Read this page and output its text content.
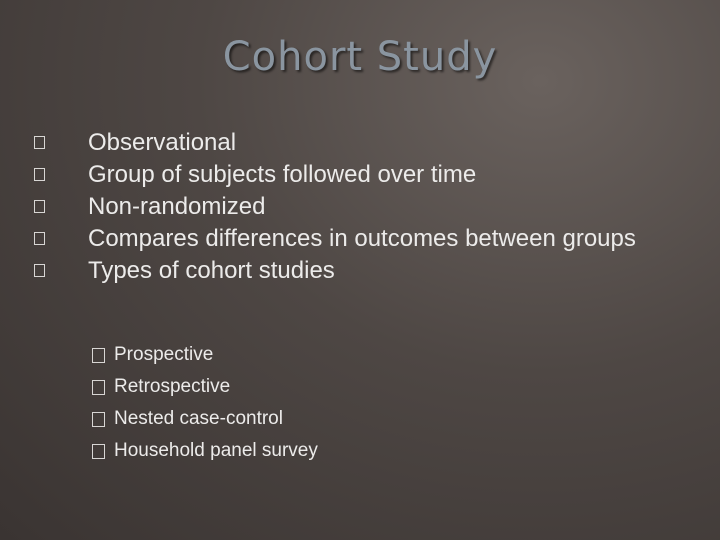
Cohort Study
Observational
Group of subjects followed over time
Non-randomized
Compares differences in outcomes between groups
Types of cohort studies
Prospective
Retrospective
Nested case-control
Household panel survey
